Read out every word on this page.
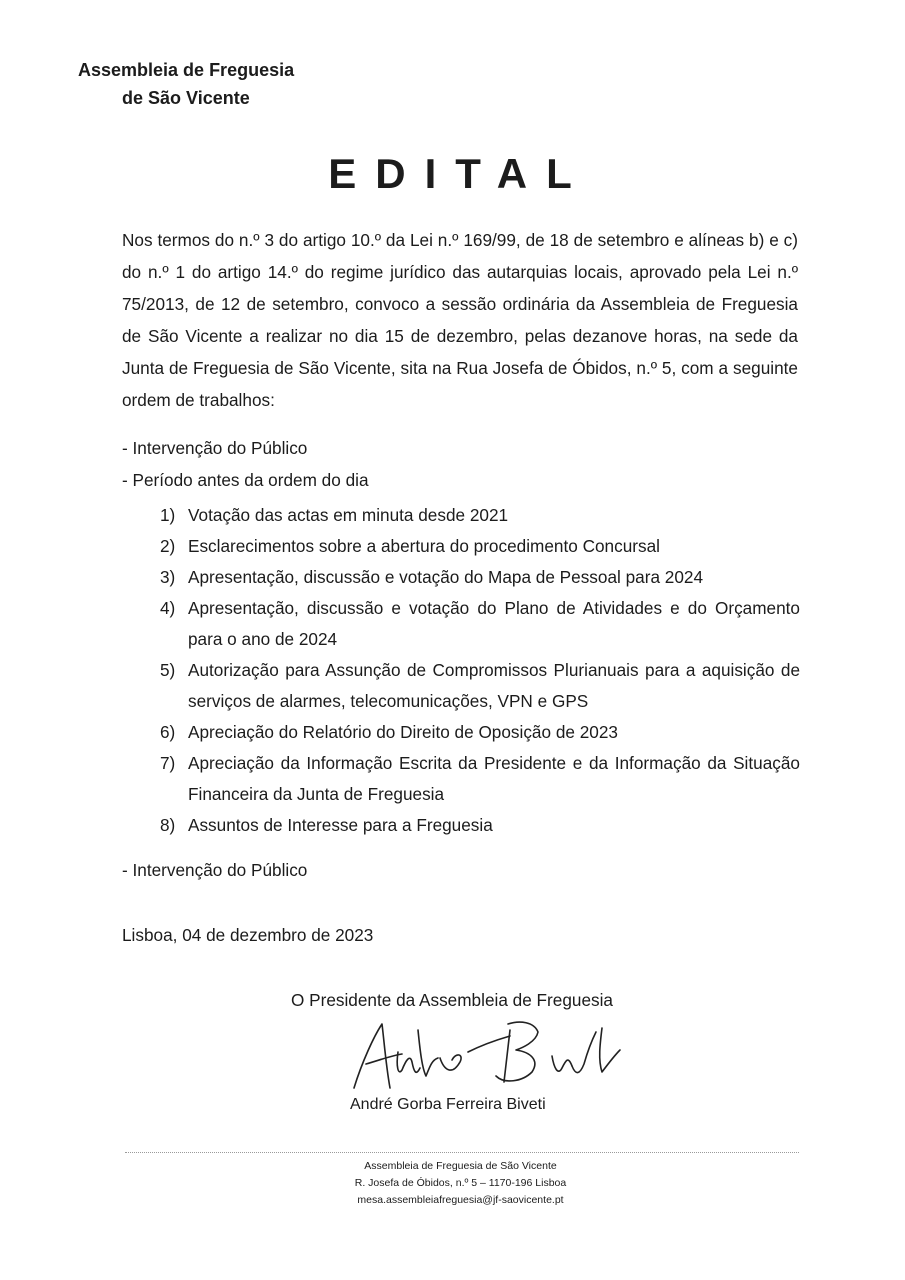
Assembleia de Freguesia
de São Vicente
EDITAL

Nos termos do n.º 3 do artigo 10.º da Lei n.º 169/99, de 18 de setembro e alíneas b) e c) do n.º 1 do artigo 14.º do regime jurídico das autarquias locais, aprovado pela Lei n.º 75/2013, de 12 de setembro, convoco a sessão ordinária da Assembleia de Freguesia de São Vicente a realizar no dia 15 de dezembro, pelas dezanove horas, na sede da Junta de Freguesia de São Vicente, sita na Rua Josefa de Óbidos, n.º 5, com a seguinte ordem de trabalhos:

- Intervenção do Público

- Período antes da ordem do dia

1) Votação das actas em minuta desde 2021
2) Esclarecimentos sobre a abertura do procedimento Concursal
3) Apresentação, discussão e votação do Mapa de Pessoal para 2024
4) Apresentação, discussão e votação do Plano de Atividades e do Orçamento para o ano de 2024
5) Autorização para Assunção de Compromissos Plurianuais para a aquisição de serviços de alarmes, telecomunicações, VPN e GPS
6) Apreciação do Relatório do Direito de Oposição de 2023
7) Apreciação da Informação Escrita da Presidente e da Informação da Situação Financeira da Junta de Freguesia
8) Assuntos de Interesse para a Freguesia

- Intervenção do Público

Lisboa, 04 de dezembro de 2023

O Presidente da Assembleia de Freguesia

André Gorba Ferreira Biveti

Assembleia de Freguesia de São Vicente
R. Josefa de Óbidos, n.º 5 – 1170-196 Lisboa
mesa.assembleiafreguesia@jf-saovicente.pt
